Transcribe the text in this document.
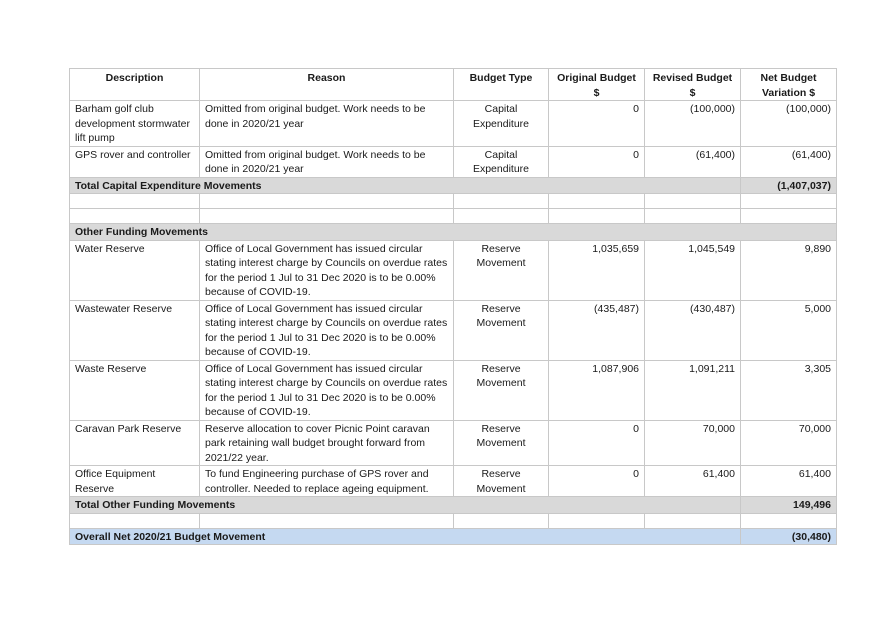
Description	Reason	Budget Type	Original Budget $	Revised Budget $	Net Budget Variation $
Barham golf club development stormwater lift pump	Omitted from original budget. Work needs to be done in 2020/21 year	Capital Expenditure	0	(100,000)	(100,000)
GPS rover and controller	Omitted from original budget. Work needs to be done in 2020/21 year	Capital Expenditure	0	(61,400)	(61,400)
Total Capital Expenditure Movements					(1,407,037)

Other Funding Movements					
Water Reserve	Office of Local Government has issued circular stating interest charge by Councils on overdue rates for the period 1 Jul to 31 Dec 2020 is to be 0.00% because of COVID-19.	Reserve Movement	1,035,659	1,045,549	9,890
Wastewater Reserve	Office of Local Government has issued circular stating interest charge by Councils on overdue rates for the period 1 Jul to 31 Dec 2020 is to be 0.00% because of COVID-19.	Reserve Movement	(435,487)	(430,487)	5,000
Waste Reserve	Office of Local Government has issued circular stating interest charge by Councils on overdue rates for the period 1 Jul to 31 Dec 2020 is to be 0.00% because of COVID-19.	Reserve Movement	1,087,906	1,091,211	3,305
Caravan Park Reserve	Reserve allocation to cover Picnic Point caravan park retaining wall budget brought forward from 2021/22 year.	Reserve Movement	0	70,000	70,000
Office Equipment Reserve	To fund Engineering purchase of GPS rover and controller. Needed to replace ageing equipment.	Reserve Movement	0	61,400	61,400
Total Other Funding Movements					149,496

Overall Net 2020/21 Budget Movement					(30,480)
